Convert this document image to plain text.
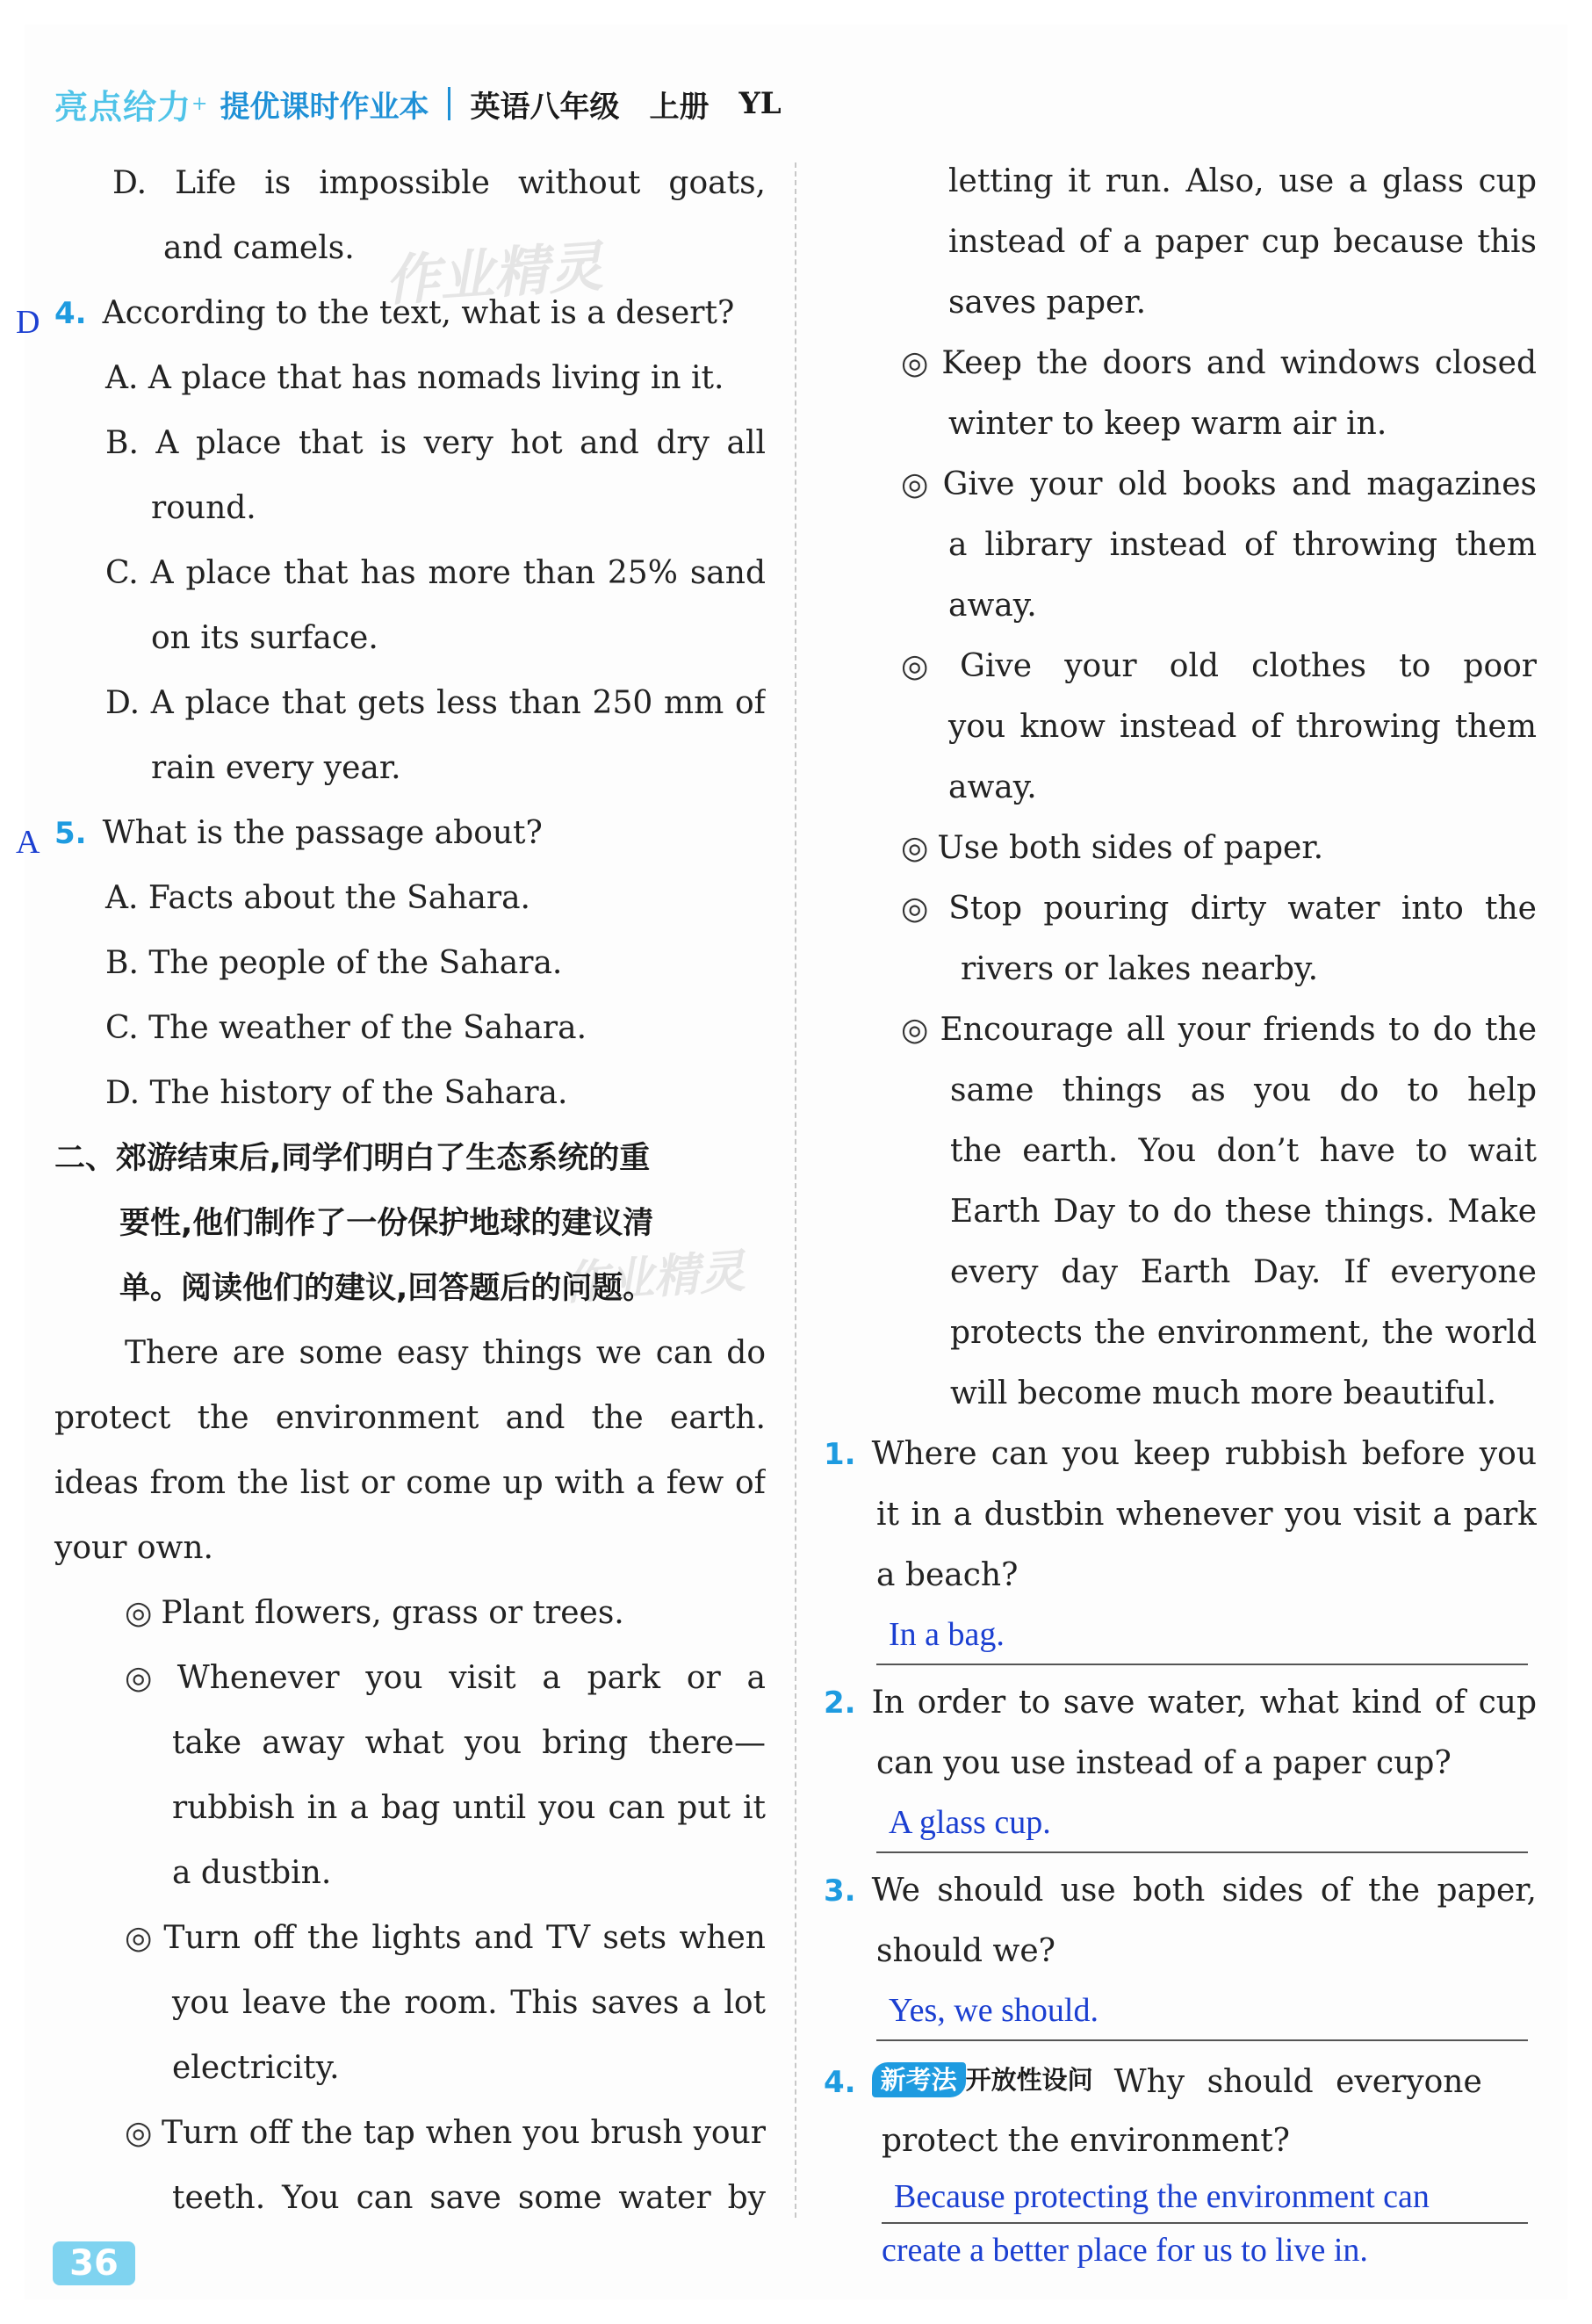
亮点给力 + 提优课时作业本 英语八年级 上册 YL
D. Life is impossible without goats,
and camels.
D 4. According to the text, what is a desert?
A. A place that has nomads living in it.
B. A place that is very hot and dry all
round.
C. A place that has more than 25% sand
on its surface.
D. A place that gets less than 250 mm of
rain every year.
A 5. What is the passage about?
A. Facts about the Sahara.
B. The people of the Sahara.
C. The weather of the Sahara.
D. The history of the Sahara.
二、郊游结束后,同学们明白了生态系统的重
要性,他们制作了一份保护地球的建议清
单。阅读他们的建议,回答题后的问题。
There are some easy things we can do
protect the environment and the earth.
ideas from the list or come up with a few of
your own.
◎ Plant flowers, grass or trees.
◎ Whenever you visit a park or a
take away what you bring there—
rubbish in a bag until you can put it
a dustbin.
◎ Turn off the lights and TV sets when
you leave the room. This saves a lot
electricity.
◎ Turn off the tap when you brush your
teeth. You can save some water by
letting it run. Also, use a glass cup
instead of a paper cup because this
saves paper.
◎ Keep the doors and windows closed
winter to keep warm air in.
◎ Give your old books and magazines
a library instead of throwing them
away.
◎ Give your old clothes to poor
you know instead of throwing them
away.
◎ Use both sides of paper.
◎ Stop pouring dirty water into the
rivers or lakes nearby.
◎ Encourage all your friends to do the
same things as you do to help
the earth. You don’t have to wait
Earth Day to do these things. Make
every day Earth Day. If everyone
protects the environment, the world
will become much more beautiful.
1. Where can you keep rubbish before you
it in a dustbin whenever you visit a park
a beach?
In a bag.
2. In order to save water, what kind of cup
can you use instead of a paper cup?
A glass cup.
3. We should use both sides of the paper,
should we?
Yes, we should.
4. 新考法 开放性设问 Why should everyone
protect the environment?
Because protecting the environment can
create a better place for us to live in.
36
